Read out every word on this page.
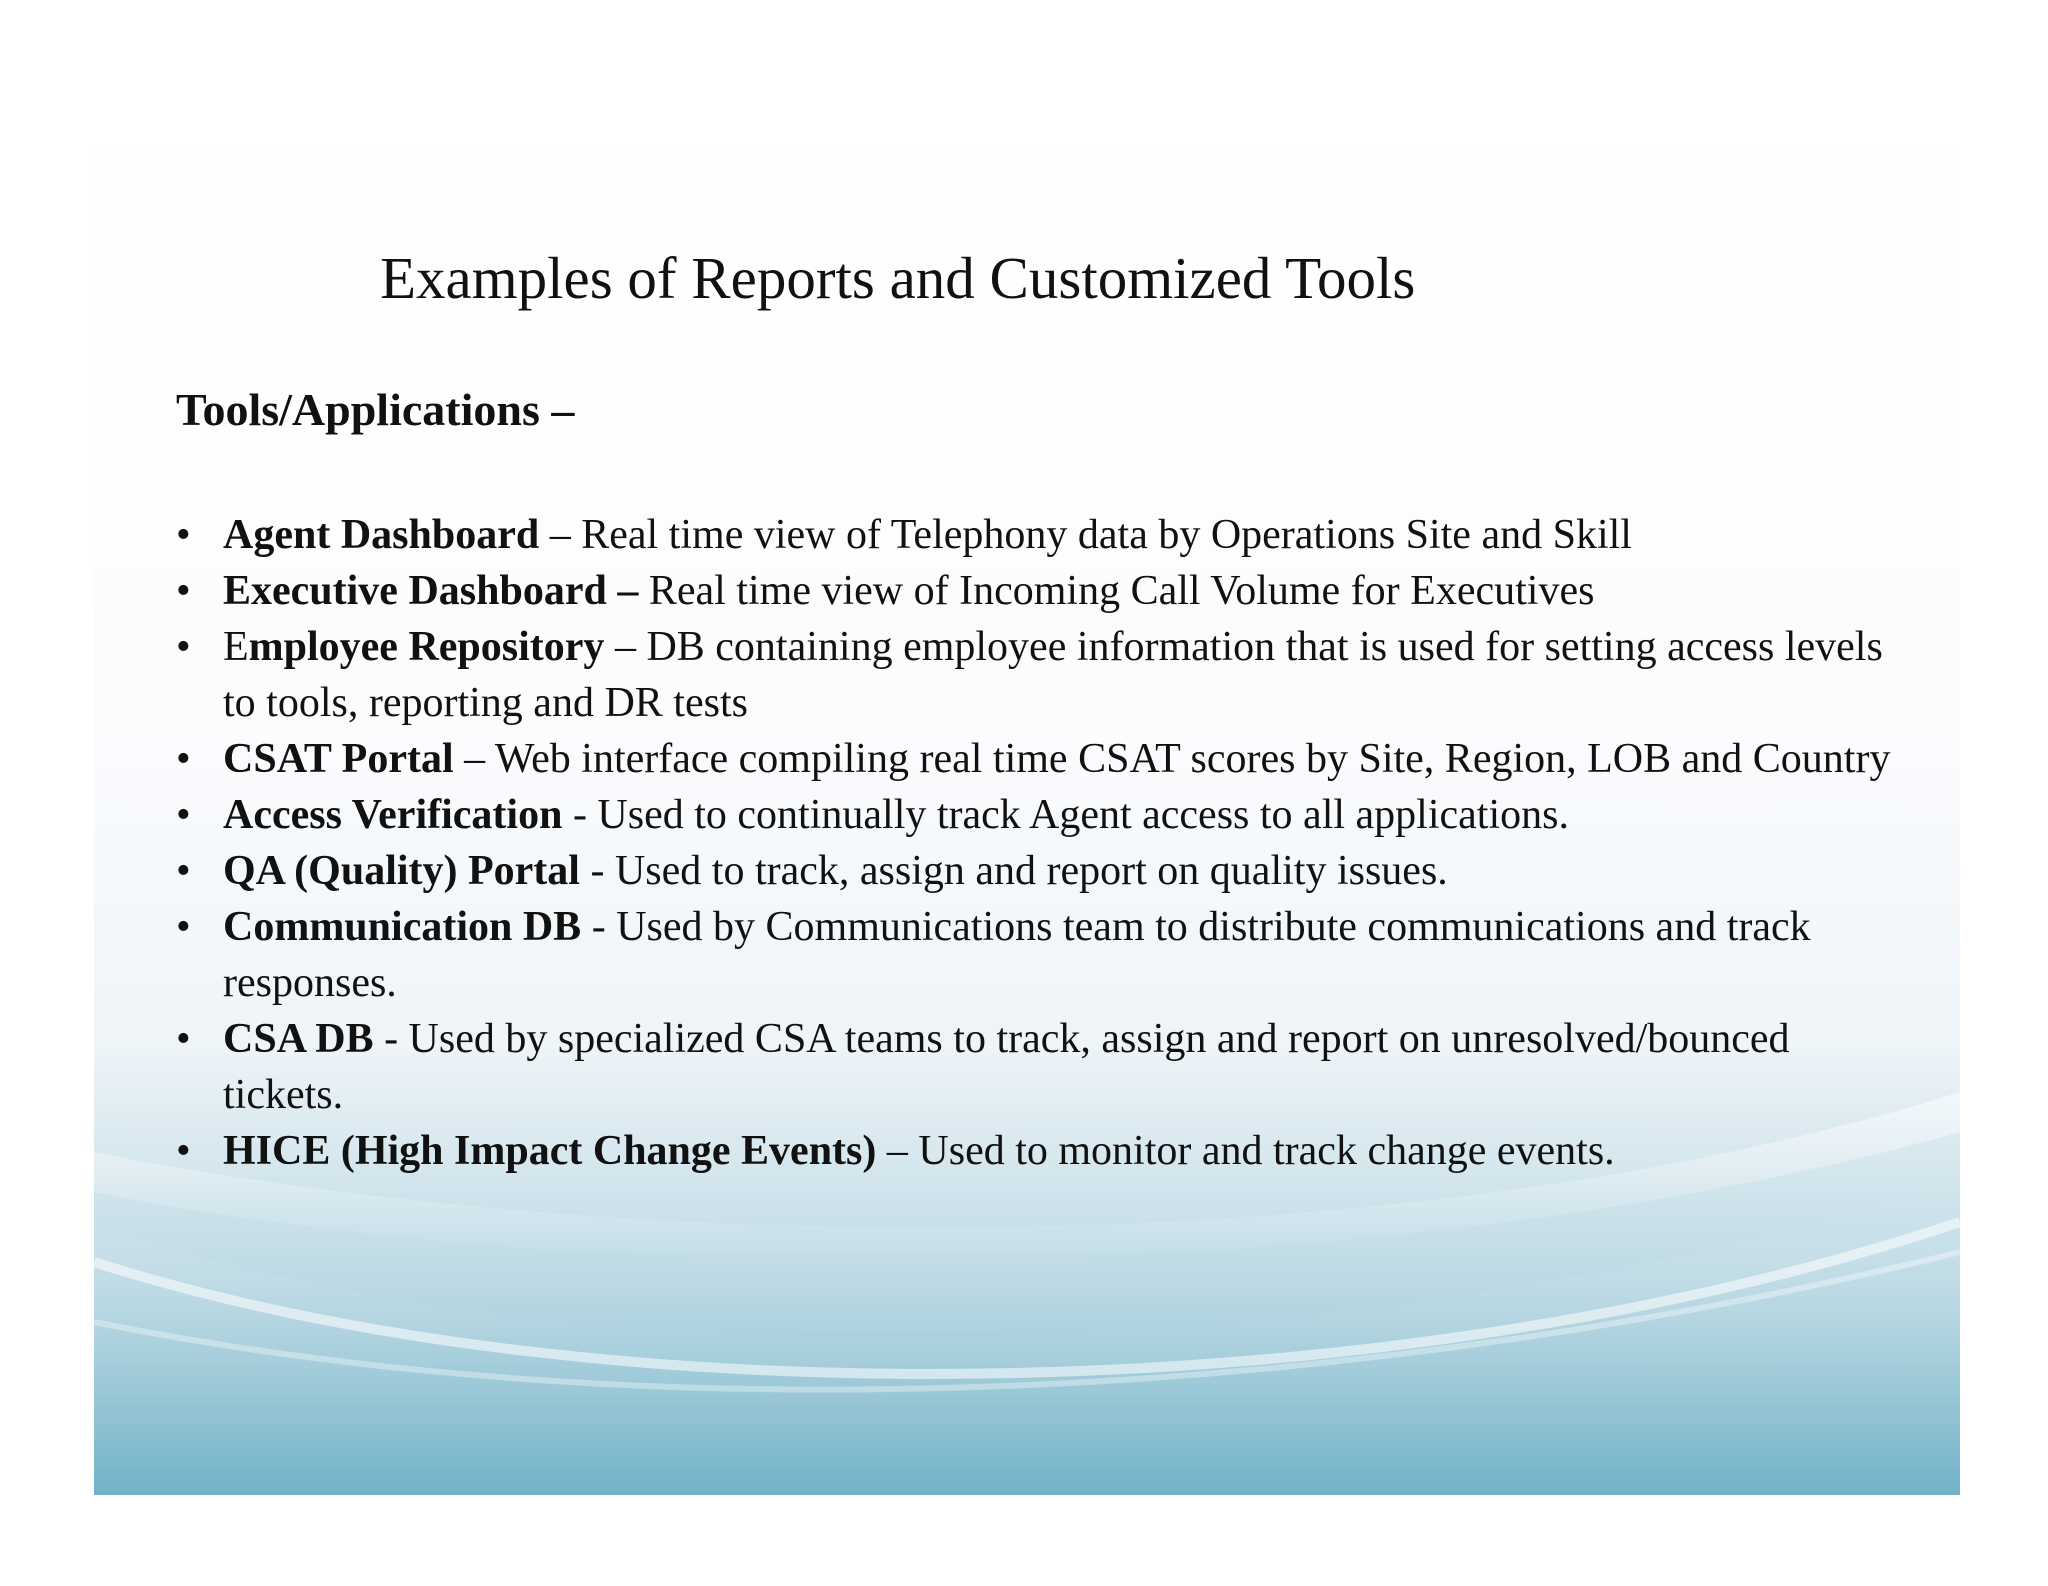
Examples of Reports and Customized Tools
Tools/Applications –
• Agent Dashboard – Real time view of Telephony data by Operations Site and Skill
• Executive Dashboard – Real time view of Incoming Call Volume for Executives
• Employee Repository – DB containing employee information that is used for setting access levels to tools, reporting and DR tests
• CSAT Portal – Web interface compiling real time CSAT scores by Site, Region, LOB and Country
• Access Verification - Used to continually track Agent access to all applications.
• QA (Quality) Portal - Used to track, assign and report on quality issues.
• Communication DB - Used by Communications team to distribute communications and track responses.
• CSA DB - Used by specialized CSA teams to track, assign and report on unresolved/bounced tickets.
• HICE (High Impact Change Events) – Used to monitor and track change events.
